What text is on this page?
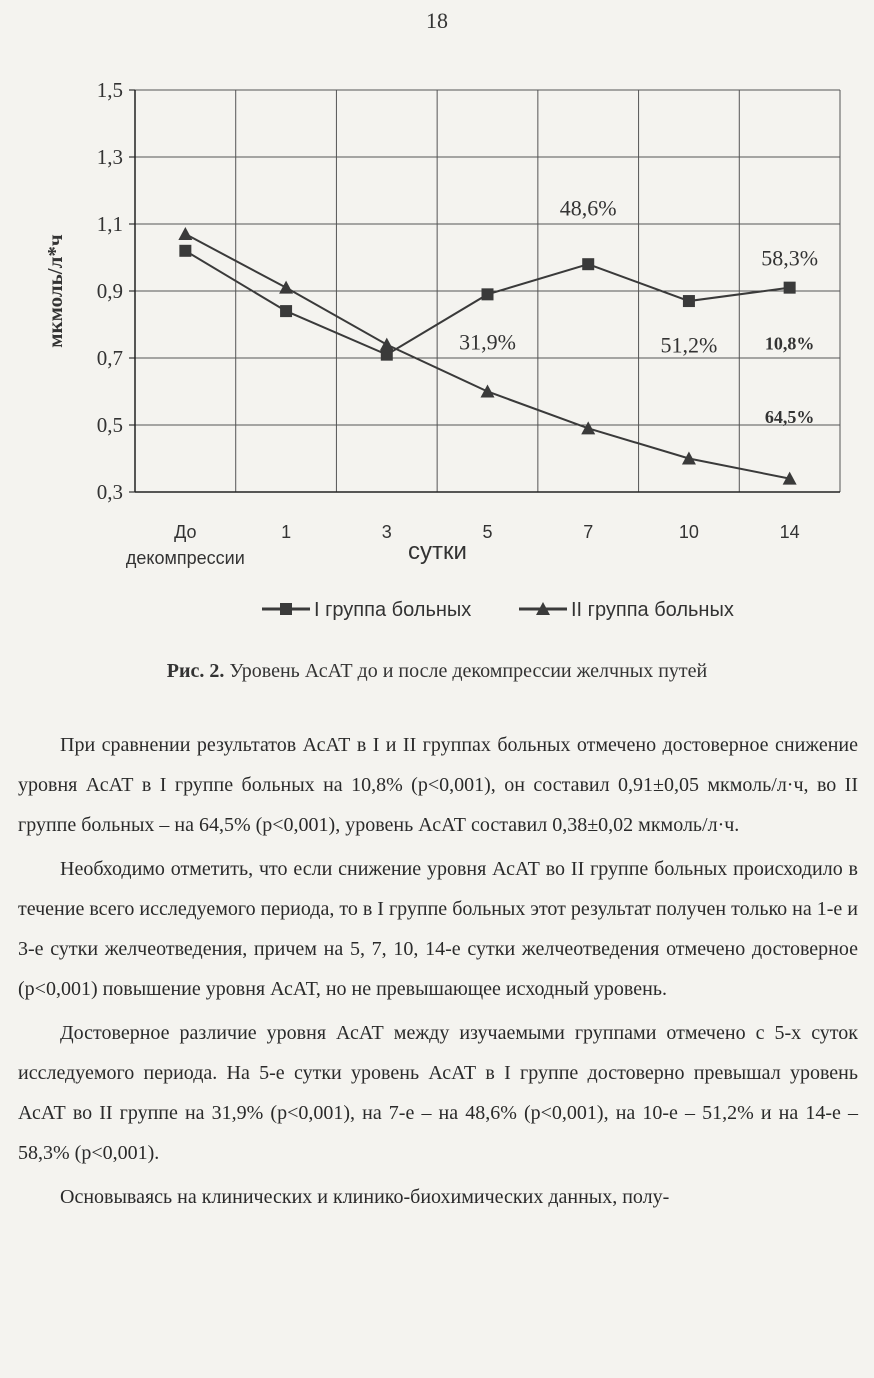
18
0,3
0,5
0,7
0,9
1,1
1,3
1,5
До
декомпрессии
1	3	5	7	10	14
сутки
мкмоль/л*ч
48,6%
58,3%
31,9%	51,2%	10,8%
64,5%
I группа больных	II группа больных
Рис. 2. Уровень АсАТ до и после декомпрессии желчных путей

При сравнении результатов АсАТ в I и II группах больных отмечено достоверное снижение уровня АсАТ в I группе больных на 10,8% (p<0,001), он составил 0,91±0,05 мкмоль/л·ч, во II группе больных – на 64,5% (p<0,001), уровень АсАТ составил 0,38±0,02 мкмоль/л·ч.

Необходимо отметить, что если снижение уровня АсАТ во II группе больных происходило в течение всего исследуемого периода, то в I группе больных этот результат получен только на 1-е и 3-е сутки желчеотведения, причем на 5, 7, 10, 14-е сутки желчеотведения отмечено достоверное (p<0,001) повышение уровня АсАТ, но не превышающее исходный уровень.

Достоверное различие уровня АсАТ между изучаемыми группами отмечено с 5-х суток исследуемого периода. На 5-е сутки уровень АсАТ в I группе достоверно превышал уровень АсАТ во II группе на 31,9% (p<0,001), на 7-е – на 48,6% (p<0,001), на 10-е – 51,2% и на 14-е – 58,3% (p<0,001).

Основываясь на клинических и клинико-биохимических данных, полу-
